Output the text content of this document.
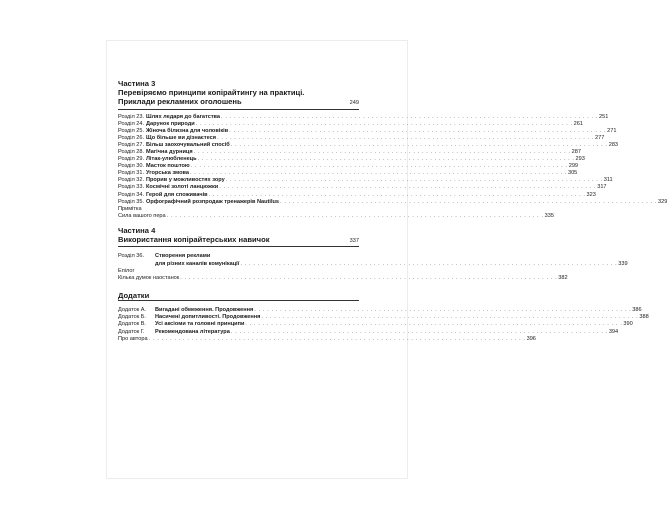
Частина 3

Перевіряємо принципи копірайтингу на практиці.

Приклади рекламних оголошень	249
Розділ 23. Шлях ледаря до багатства . . .	251
Розділ 24. Дарунок природи . . .	261
Розділ 25. Жіноча білизна для чоловіків . . .	271
Розділ 26. Що більше ви дізнаєтеся . . .	277
Розділ 27. Більш заохочувальний спосіб . . .	283
Розділ 28. Магічна дурниця . . .	287
Розділ 29. Літак-улюбленець . . .	293
Розділ 30. Масток поштою . . .	299
Розділ 31. Угорська змова . . .	305
Розділ 32. Прорив у можливостях зору . . .	311
Розділ 33. Космічні золоті ланцюжки . . .	317
Розділ 34. Герой для споживачів . . .	323
Розділ 35. Орфографічний розпродаж тренажерів Nautilus . . .	329
Примітка
Сила вашого пера . . .	335

Частина 4

Використання копірайтерських навичок	337
Розділ 36.	Створення реклами
для різних каналів комунікації . . .	339
Епілог
Кілька думок наостанок . . .	382
Додатки
Додаток А.	Вигадані обмеження. Продовження . . .	386
Додаток Б.	Насичені допитливості. Продовження . . .	388
Додаток В.	Усі аксіоми та головні принципи . . .	390
Додаток Г.	Рекомендована література . . .	394
Про автора . . .	396
